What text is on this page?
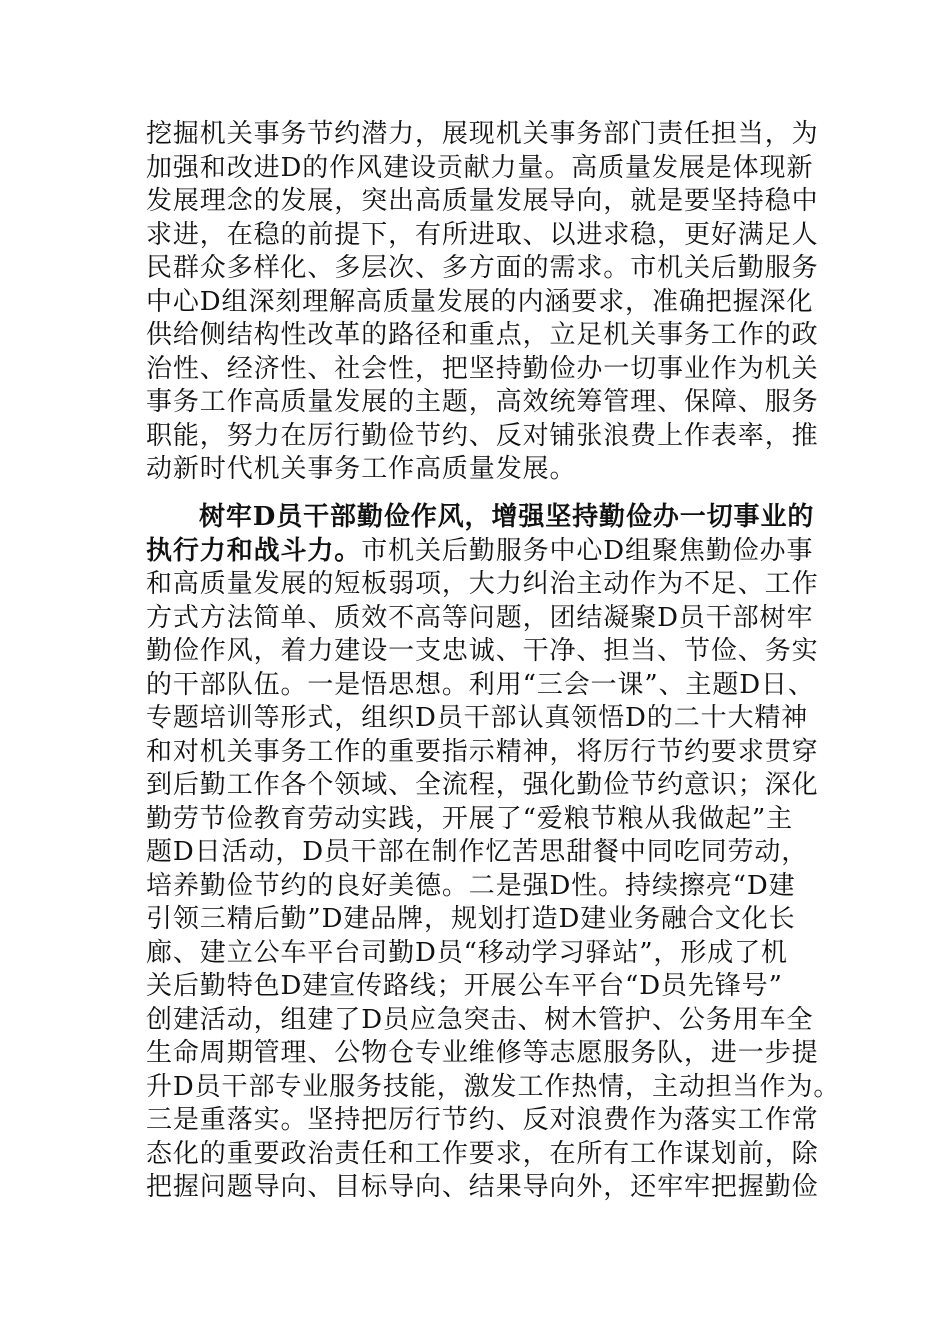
挖掘机关事务节约潜力，展现机关事务部门责任担当，为
加强和改进D的作风建设贡献力量。高质量发展是体现新
发展理念的发展，突出高质量发展导向，就是要坚持稳中
求进，在稳的前提下，有所进取、以进求稳，更好满足人
民群众多样化、多层次、多方面的需求。市机关后勤服务
中心D组深刻理解高质量发展的内涵要求，准确把握深化
供给侧结构性改革的路径和重点，立足机关事务工作的政
治性、经济性、社会性，把坚持勤俭办一切事业作为机关
事务工作高质量发展的主题，高效统筹管理、保障、服务
职能，努力在厉行勤俭节约、反对铺张浪费上作表率，推
动新时代机关事务工作高质量发展。
树牢D员干部勤俭作风，增强坚持勤俭办一切事业的
执行力和战斗力。市机关后勤服务中心D组聚焦勤俭办事
和高质量发展的短板弱项，大力纠治主动作为不足、工作
方式方法简单、质效不高等问题，团结凝聚D员干部树牢
勤俭作风，着力建设一支忠诚、干净、担当、节俭、务实
的干部队伍。一是悟思想。利用“三会一课”、主题D日、
专题培训等形式，组织D员干部认真领悟D的二十大精神
和对机关事务工作的重要指示精神，将厉行节约要求贯穿
到后勤工作各个领域、全流程，强化勤俭节约意识；深化
勤劳节俭教育劳动实践，开展了“爱粮节粮从我做起”主
题D日活动，D员干部在制作忆苦思甜餐中同吃同劳动，
培养勤俭节约的良好美德。二是强D性。持续擦亮“D建
引领三精后勤”D建品牌，规划打造D建业务融合文化长
廊、建立公车平台司勤D员“移动学习驿站”，形成了机
关后勤特色D建宣传路线；开展公车平台“D员先锋号”
创建活动，组建了D员应急突击、树木管护、公务用车全
生命周期管理、公物仓专业维修等志愿服务队，进一步提
升D员干部专业服务技能，激发工作热情，主动担当作为。
三是重落实。坚持把厉行节约、反对浪费作为落实工作常
态化的重要政治责任和工作要求，在所有工作谋划前，除
把握问题导向、目标导向、结果导向外，还牢牢把握勤俭
